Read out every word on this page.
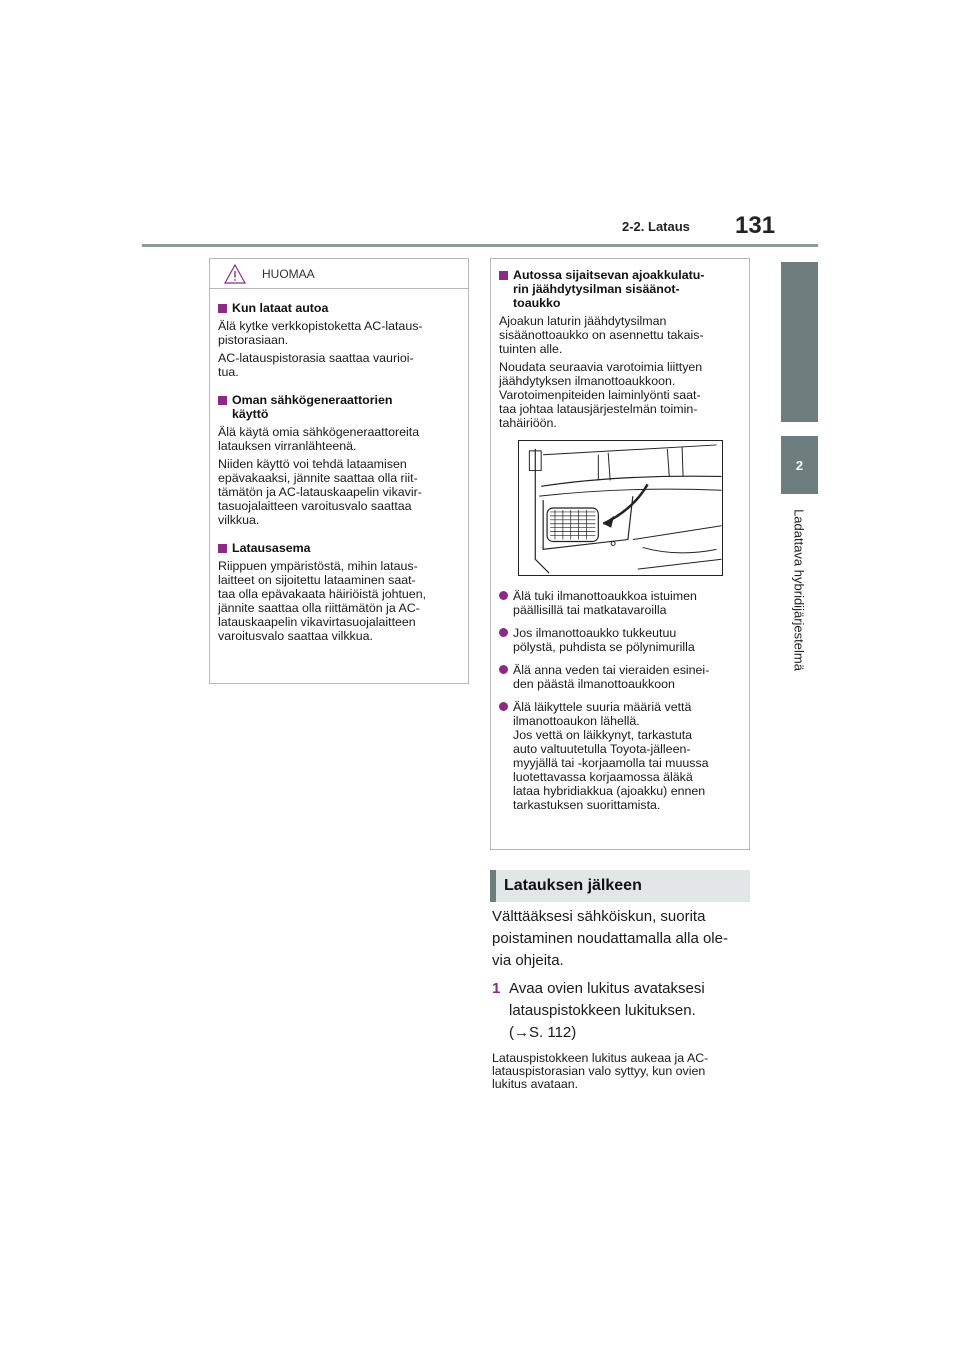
2-2. Lataus 131
2
Ladattava hybridijärjestelmä
HUOMAA
Kun lataat autoa

Älä kytke verkkopistoketta AC-lataus-
pistorasiaan.

AC-latauspistorasia saattaa vaurioi-
tua.

Oman sähkögeneraattorien
käyttö

Älä käytä omia sähkögeneraattoreita
latauksen virranlähteenä.

Niiden käyttö voi tehdä lataamisen
epävakaaksi, jännite saattaa olla riit-
tämätön ja AC-latauskaapelin vikavir-
tasuojalaitteen varoitusvalo saattaa
vilkkua.

Latausasema

Riippuen ympäristöstä, mihin lataus-
laitteet on sijoitettu lataaminen saat-
taa olla epävakaata häiriöistä johtuen,
jännite saattaa olla riittämätön ja AC-
latauskaapelin vikavirtasuojalaitteen
varoitusvalo saattaa vilkkua.

Autossa sijaitsevan ajoakkulatu-
rin jäähdytysilman sisäänot-
toaukko

Ajoakun laturin jäähdytysilman
sisäänottoaukko on asennettu takais-
tuinten alle.

Noudata seuraavia varotoimia liittyen
jäähdytyksen ilmanottoaukkoon.
Varotoimenpiteiden laiminlyönti saat-
taa johtaa latausjärjestelmän toimin-
tahäiriöön.

Älä tuki ilmanottoaukkoa istuimen
päällisillä tai matkatavaroilla
Jos ilmanottoaukko tukkeutuu
pölystä, puhdista se pölynimurilla
Älä anna veden tai vieraiden esinei-
den päästä ilmanottoaukkoon
Älä läikyttele suuria määriä vettä
ilmanottoaukon lähellä.
Jos vettä on läikkynyt, tarkastuta
auto valtuutetulla Toyota-jälleen-
myyjällä tai -korjaamolla tai muussa
luotettavassa korjaamossa äläkä
lataa hybridiakkua (ajoakku) ennen
tarkastuksen suorittamista.
Latauksen jälkeen
Välttääksesi sähköiskun, suorita
poistaminen noudattamalla alla ole-
via ohjeita.
1 Avaa ovien lukitus avataksesi
latauspistokkeen lukituksen.
(→S. 112)
Latauspistokkeen lukitus aukeaa ja AC-
latauspistorasian valo syttyy, kun ovien
lukitus avataan.
